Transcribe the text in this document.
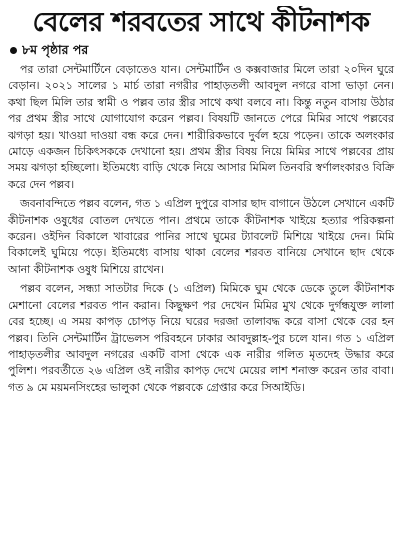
বেলের শরবতের সাথে কীটনাশক
৮ম পৃষ্ঠার পর

পর তারা সেন্টমার্টিনে বেড়াতেও যান। সেন্টমার্টিন ও কক্সবাজার মিলে তারা ২০দিন ঘুরে বেড়ান। ২০২১ সালের ১ মার্চ তারা নগরীর পাহাড়তলী আবদুল নগরে বাসা ভাড়া নেন। কথা ছিল মিলি তার স্বামী ও পল্লব তার স্ত্রীর সাথে কথা বলবে না। কিন্তু নতুন বাসায় উঠার পর প্রথম স্ত্রীর সাথে যোগাযোগ করেন পল্লব। বিষয়টি জানতে পেরে মিমির সাথে পল্লবের ঝগড়া হয়। খাওয়া দাওয়া বন্ধ করে দেন। শারীরিকভাবে দুর্বল হয়ে পড়েন। তাকে অলংকার মোড়ে একজন চিকিৎসককে দেখানো হয়। প্রথম স্ত্রীর বিষয় নিয়ে মিমির সাথে পল্লবের প্রায় সময় ঝগড়া হচ্ছিলো। ইতিমধ্যে বাড়ি থেকে নিয়ে আসার মিমিল তিনবরি স্বর্ণালংকারও বিক্রি করে দেন পল্লব।

জবনাবন্দিতে পল্লব বলেন, গত ১ এপ্রিল দুপুরে বাসার ছাদ বাগানে উঠলে সেখানে একটি কীটনাশক ওষুধের বোতল দেখতে পান। প্রথমে তাকে কীটনাশক খাইয়ে হত্যার পরিকল্পনা করেন। ওইদিন বিকালে খাবারের পানির সাথে ঘুমের ট্যাবলেট মিশিয়ে খাইয়ে দেন। মিমি বিকালেই ঘুমিয়ে পড়ে। ইতিমধ্যে বাসায় থাকা বেলের শরবত বানিয়ে সেখানে ছাদ থেকে আনা কীটনাশক ওষুধ মিশিয়ে রাখেন।

পল্লব বলেন, সন্ধ্যা সাতটার দিকে (১ এপ্রিল) মিমিকে ঘুম থেকে ডেকে তুলে কীটনাশক মেশানো বেলের শরবত পান করান। কিছুক্ষণ পর দেখেন মিমির মুখ থেকে দুর্গন্ধযুক্ত লালা বের হচ্ছে। এ সময় কাপড় চোপড় নিয়ে ঘরের দরজা তালাবদ্ধ করে বাসা থেকে বের হন পল্লব। তিনি সেন্টমার্টিন ট্রাভেলস পরিবহনে ঢাকার আবদুল্লাহ-পুর চলে যান। গত ১ এপ্রিল পাহাড়তলীর আবদুল নগরের একটি বাসা থেকে এক নারীর গলিত মৃতদেহ উদ্ধার করে পুলিশ। পরবর্তীতে ২৬ এপ্রিল ওই নারীর কাপড় দেখে মেয়ের লাশ শনাক্ত করেন তার বাবা। গত ৯ মে ময়মনসিংহের ভালুকা থেকে পল্লবকে গ্রেপ্তার করে সিআইডি।
